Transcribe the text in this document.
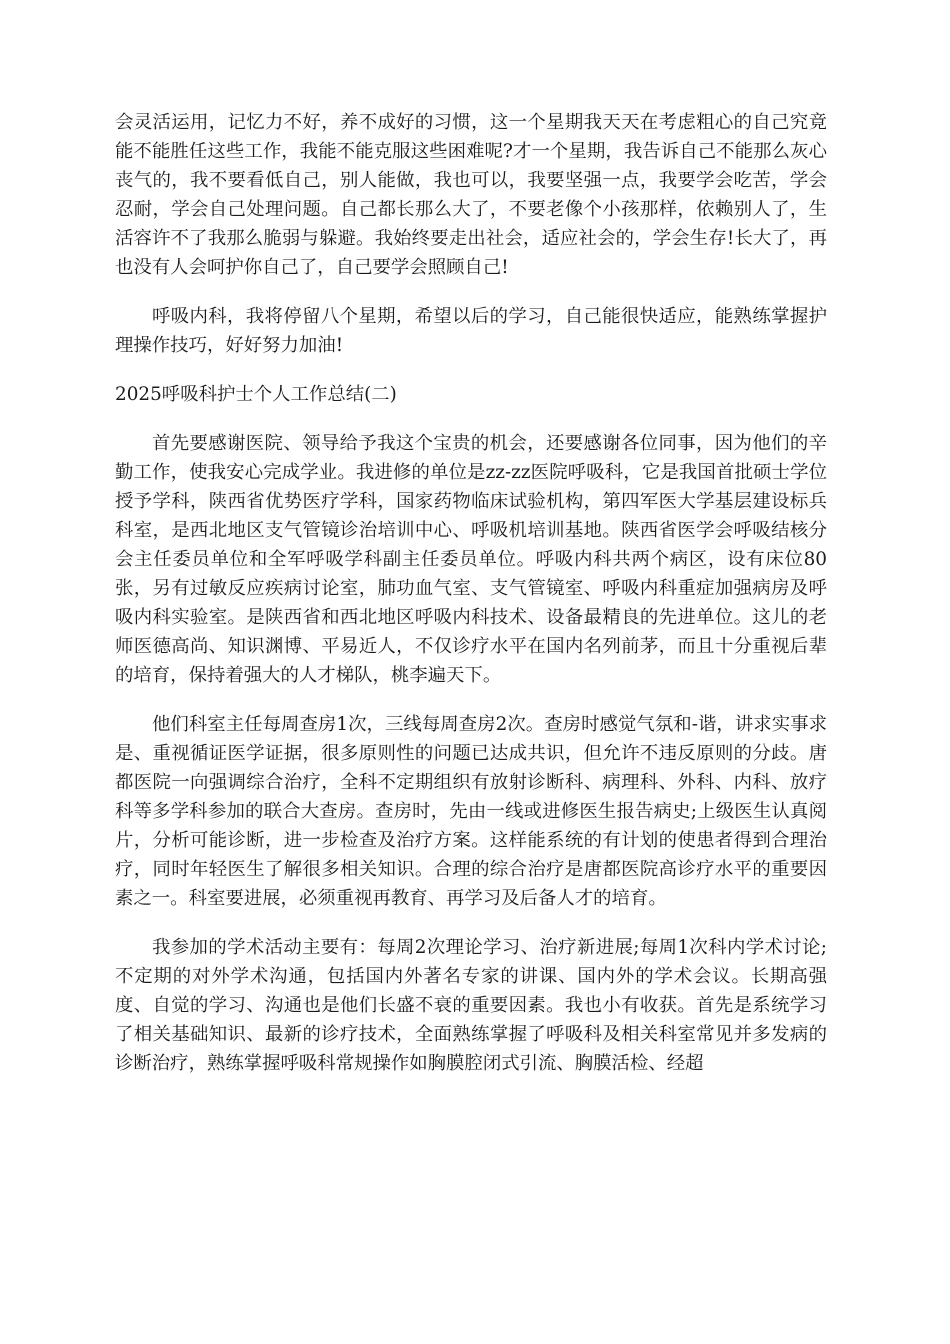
会灵活运用，记忆力不好，养不成好的习惯，这一个星期我天天在考虑粗心的自己究竟能不能胜任这些工作，我能不能克服这些困难呢?才一个星期，我告诉自己不能那么灰心丧气的，我不要看低自己，别人能做，我也可以，我要坚强一点，我要学会吃苦，学会忍耐，学会自己处理问题。自己都长那么大了，不要老像个小孩那样，依赖别人了，生活容许不了我那么脆弱与躲避。我始终要走出社会，适应社会的，学会生存!长大了，再也没有人会呵护你自己了，自己要学会照顾自己!

呼吸内科，我将停留八个星期，希望以后的学习，自己能很快适应，能熟练掌握护理操作技巧，好好努力加油!

2025呼吸科护士个人工作总结(二)

首先要感谢医院、领导给予我这个宝贵的机会，还要感谢各位同事，因为他们的辛勤工作，使我安心完成学业。我进修的单位是zz-zz医院呼吸科，它是我国首批硕士学位授予学科，陕西省优势医疗学科，国家药物临床试验机构，第四军医大学基层建设标兵科室，是西北地区支气管镜诊治培训中心、呼吸机培训基地。陕西省医学会呼吸结核分会主任委员单位和全军呼吸学科副主任委员单位。呼吸内科共两个病区，设有床位80张，另有过敏反应疾病讨论室，肺功血气室、支气管镜室、呼吸内科重症加强病房及呼吸内科实验室。是陕西省和西北地区呼吸内科技术、设备最精良的先进单位。这儿的老师医德高尚、知识渊博、平易近人，不仅诊疗水平在国内名列前茅，而且十分重视后辈的培育，保持着强大的人才梯队，桃李遍天下。

他们科室主任每周查房1次，三线每周查房2次。查房时感觉气氛和-谐，讲求实事求是、重视循证医学证据，很多原则性的问题已达成共识，但允许不违反原则的分歧。唐都医院一向强调综合治疗，全科不定期组织有放射诊断科、病理科、外科、内科、放疗科等多学科参加的联合大查房。查房时，先由一线或进修医生报告病史;上级医生认真阅片，分析可能诊断，进一步检查及治疗方案。这样能系统的有计划的使患者得到合理治疗，同时年轻医生了解很多相关知识。合理的综合治疗是唐都医院高诊疗水平的重要因素之一。科室要进展，必须重视再教育、再学习及后备人才的培育。

我参加的学术活动主要有：每周2次理论学习、治疗新进展;每周1次科内学术讨论;不定期的对外学术沟通，包括国内外著名专家的讲课、国内外的学术会议。长期高强度、自觉的学习、沟通也是他们长盛不衰的重要因素。我也小有收获。首先是系统学习了相关基础知识、最新的诊疗技术，全面熟练掌握了呼吸科及相关科室常见并多发病的诊断治疗，熟练掌握呼吸科常规操作如胸膜腔闭式引流、胸膜活检、经超
